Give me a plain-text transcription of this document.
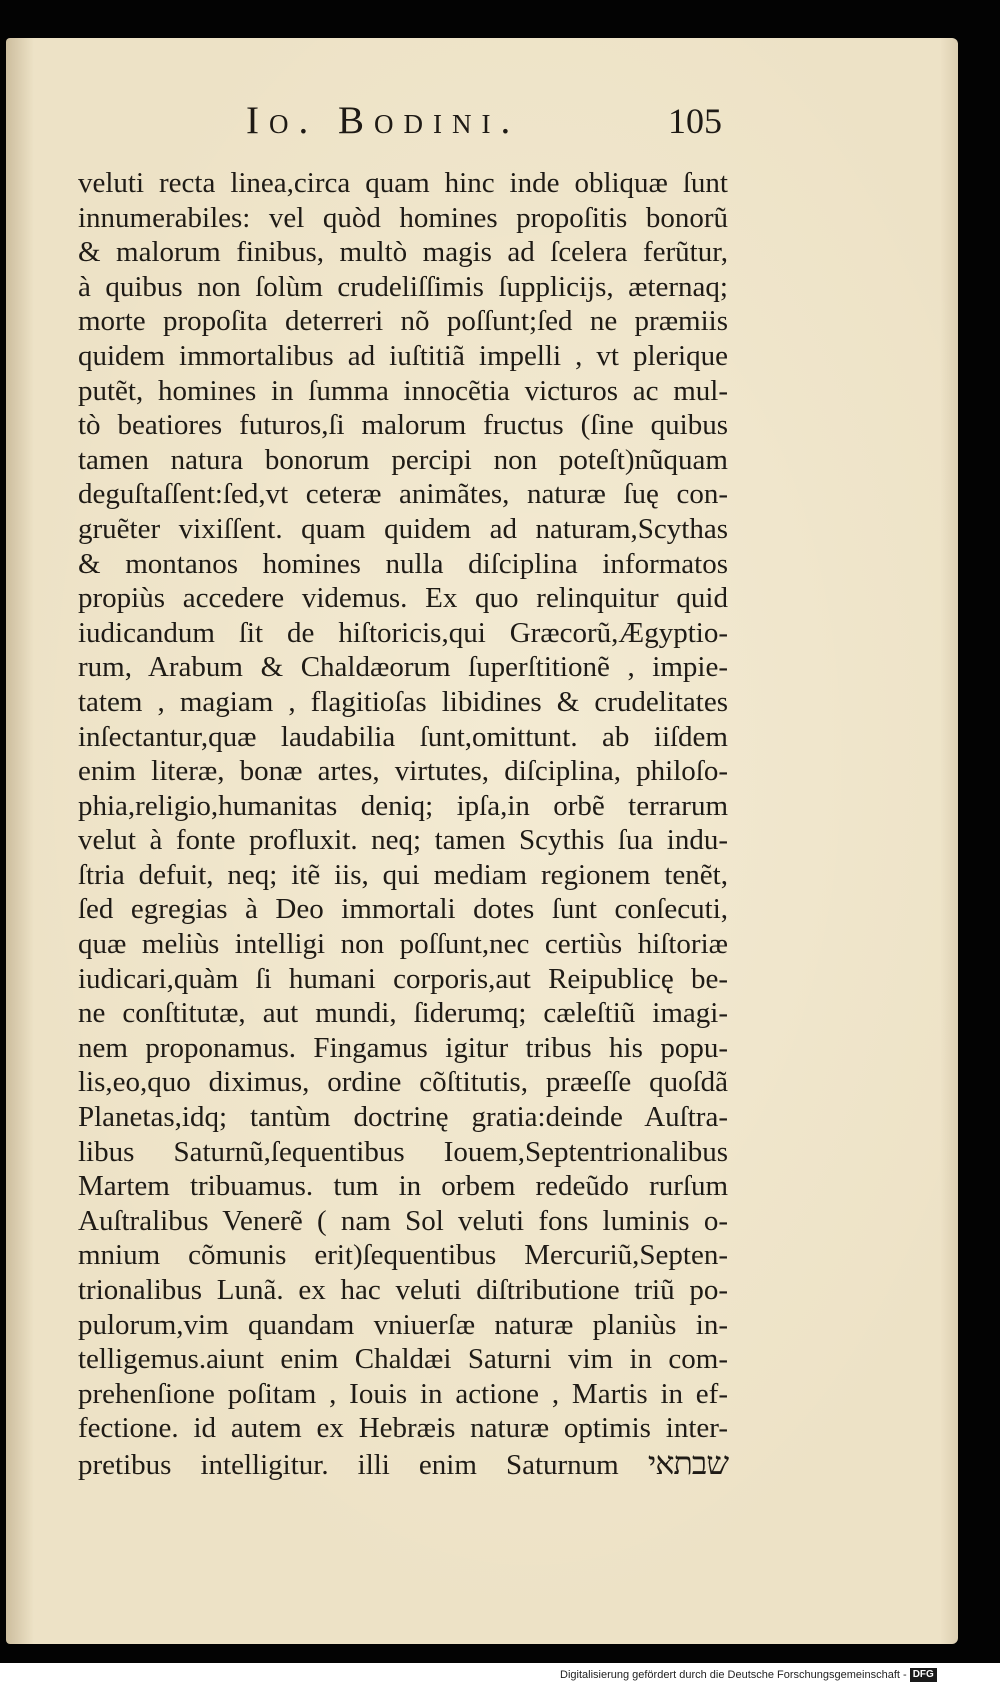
Io. Bodini.	105
veluti recta linea,circa quam hinc inde obliquæ ſunt
innumerabiles: vel quòd homines propoſitis bonorũ
& malorum finibus, multò magis ad ſcelera ferũtur,
à quibus non ſolùm crudeliſſimis ſupplicijs, æternaq;
morte propoſita deterreri nõ poſſunt;ſed ne præmiis
quidem immortalibus ad iuſtitiã impelli , vt plerique
putẽt, homines in ſumma innocẽtia victuros ac mul-
tò beatiores futuros,ſi malorum fructus (ſine quibus
tamen natura bonorum percipi non poteſt)nũquam
deguſtaſſent:ſed,vt ceteræ animãtes, naturæ ſuę con-
gruẽter vixiſſent. quam quidem ad naturam,Scythas
& montanos homines nulla diſciplina informatos
propiùs accedere videmus. Ex quo relinquitur quid
iudicandum ſit de hiſtoricis,qui Græcorũ,Ægyptio-
rum, Arabum & Chaldæorum ſuperſtitionẽ , impie-
tatem , magiam , flagitioſas libidines & crudelitates
inſectantur,quæ laudabilia ſunt,omittunt. ab iiſdem
enim literæ, bonæ artes, virtutes, diſciplina, philoſo-
phia,religio,humanitas deniq; ipſa,in orbẽ terrarum
velut à fonte profluxit. neq; tamen Scythis ſua indu-
ſtria defuit, neq; itẽ iis, qui mediam regionem tenẽt,
ſed egregias à Deo immortali dotes ſunt conſecuti,
quæ meliùs intelligi non poſſunt,nec certiùs hiſtoriæ
iudicari,quàm ſi humani corporis,aut Reipublicę be-
ne conſtitutæ, aut mundi, ſiderumq; cæleſtiũ imagi-
nem proponamus. Fingamus igitur tribus his popu-
lis,eo,quo diximus, ordine cõſtitutis, præeſſe quoſdã
Planetas,idq; tantùm doctrinę gratia:deinde Auſtra-
libus Saturnũ,ſequentibus Iouem,Septentrionalibus
Martem tribuamus. tum in orbem redeũdo rurſum
Auſtralibus Venerẽ ( nam Sol veluti fons luminis o-
mnium cõmunis erit)ſequentibus Mercuriũ,Septen-
trionalibus Lunã. ex hac veluti diſtributione triũ po-
pulorum,vim quandam vniuerſæ naturæ planiùs in-
telligemus.aiunt enim Chaldæi Saturni vim in com-
prehenſione poſitam , Iouis in actione , Martis in ef-
fectione. id autem ex Hebræis naturæ optimis inter-
pretibus intelligitur. illi enim Saturnum שבתאי
Digitalisierung gefördert durch die Deutsche Forschungsgemeinschaft - DFG
